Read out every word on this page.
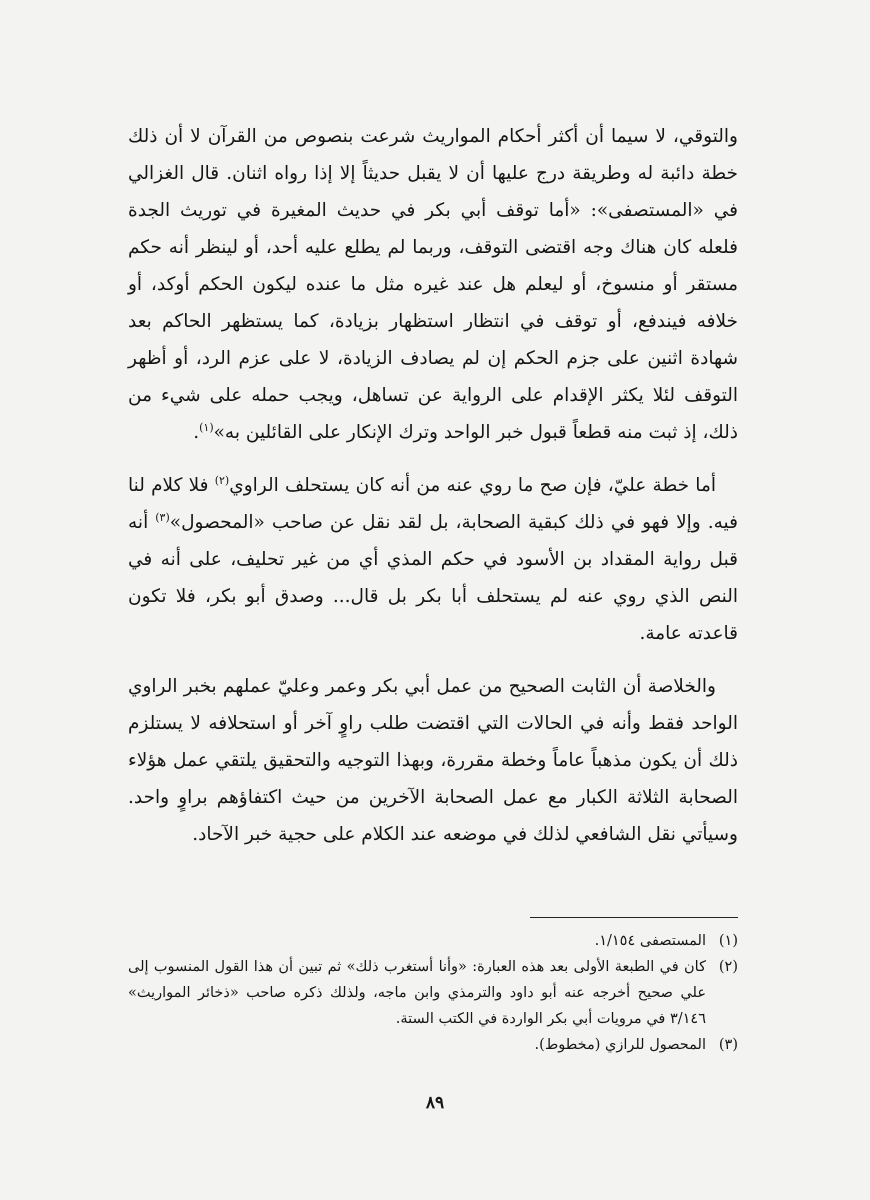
والتوقي، لا سيما أن أكثر أحكام المواريث شرعت بنصوص من القرآن لا أن ذلك خطة دائبة له وطريقة درج عليها أن لا يقبل حديثاً إلا إذا رواه اثنان. قال الغزالي في «المستصفى»: «أما توقف أبي بكر في حديث المغيرة في توريث الجدة فلعله كان هناك وجه اقتضى التوقف، وربما لم يطلع عليه أحد، أو لينظر أنه حكم مستقر أو منسوخ، أو ليعلم هل عند غيره مثل ما عنده ليكون الحكم أوكد، أو خلافه فيندفع، أو توقف في انتظار استظهار بزيادة، كما يستظهر الحاكم بعد شهادة اثنين على جزم الحكم إن لم يصادف الزيادة، لا على عزم الرد، أو أظهر التوقف لئلا يكثر الإقدام على الرواية عن تساهل، ويجب حمله على شيء من ذلك، إذ ثبت منه قطعاً قبول خبر الواحد وترك الإنكار على القائلين به»$^{(١)}$.

أما خطة عليّ، فإن صح ما روي عنه من أنه كان يستحلف الراوي$^{(٢)}$ فلا كلام لنا فيه. وإلا فهو في ذلك كبقية الصحابة، بل لقد نقل عن صاحب «المحصول»$^{(٣)}$ أنه قبل رواية المقداد بن الأسود في حكم المذي أي من غير تحليف، على أنه في النص الذي روي عنه لم يستحلف أبا بكر بل قال... وصدق أبو بكر، فلا تكون قاعدته عامة.

والخلاصة أن الثابت الصحيح من عمل أبي بكر وعمر وعليّ عملهم بخبر الراوي الواحد فقط وأنه في الحالات التي اقتضت طلب راوٍ آخر أو استحلافه لا يستلزم ذلك أن يكون مذهباً عاماً وخطة مقررة، وبهذا التوجيه والتحقيق يلتقي عمل هؤلاء الصحابة الثلاثة الكبار مع عمل الصحابة الآخرين من حيث اكتفاؤهم براوٍ واحد. وسيأتي نقل الشافعي لذلك في موضعه عند الكلام على حجية خبر الآحاد.

(١)
المستصفى ١/١٥٤.
(٢)
كان في الطبعة الأولى بعد هذه العبارة: «وأنا أستغرب ذلك» ثم تبين أن هذا القول المنسوب إلى علي صحيح أخرجه عنه أبو داود والترمذي وابن ماجه، ولذلك ذكره صاحب «ذخائر المواريث» ٣/١٤٦ في مرويات أبي بكر الواردة في الكتب الستة.
(٣)
المحصول للرازي (مخطوط).
٨٩
